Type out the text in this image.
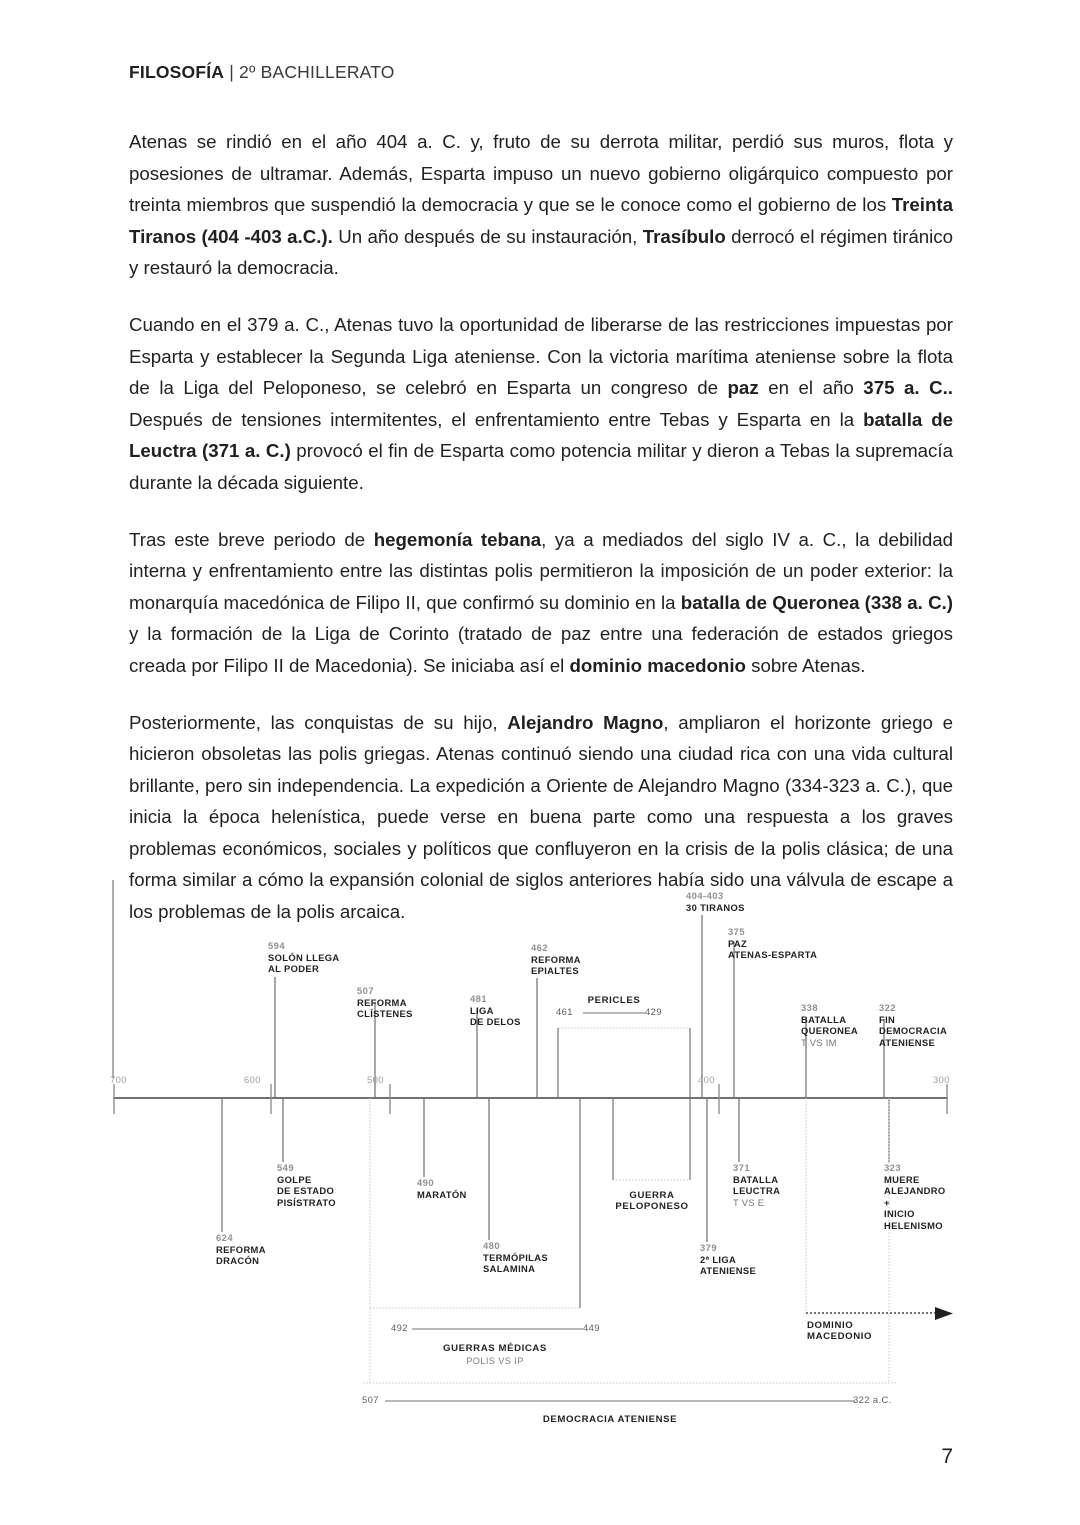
FILOSOFÍA | 2º BACHILLERATO

Atenas se rindió en el año 404 a. C. y, fruto de su derrota militar, perdió sus muros, flota y posesiones de ultramar. Además, Esparta impuso un nuevo gobierno oligárquico compuesto por treinta miembros que suspendió la democracia y que se le conoce como el gobierno de los Treinta Tiranos (404 -403 a.C.). Un año después de su instauración, Trasíbulo derrocó el régimen tiránico y restauró la democracia.

Cuando en el 379 a. C., Atenas tuvo la oportunidad de liberarse de las restricciones impuestas por Esparta y establecer la Segunda Liga ateniense. Con la victoria marítima ateniense sobre la flota de la Liga del Peloponeso, se celebró en Esparta un congreso de paz en el año 375 a. C.. Después de tensiones intermitentes, el enfrentamiento entre Tebas y Esparta en la batalla de Leuctra (371 a. C.) provocó el fin de Esparta como potencia militar y dieron a Tebas la supremacía durante la década siguiente.

Tras este breve periodo de hegemonía tebana, ya a mediados del siglo IV a. C., la debilidad interna y enfrentamiento entre las distintas polis permitieron la imposición de un poder exterior: la monarquía macedónica de Filipo II, que confirmó su dominio en la batalla de Queronea (338 a. C.) y la formación de la Liga de Corinto (tratado de paz entre una federación de estados griegos creada por Filipo II de Macedonia). Se iniciaba así el dominio macedonio sobre Atenas.

Posteriormente, las conquistas de su hijo, Alejandro Magno, ampliaron el horizonte griego e hicieron obsoletas las polis griegas. Atenas continuó siendo una ciudad rica con una vida cultural brillante, pero sin independencia. La expedición a Oriente de Alejandro Magno (334-323 a. C.), que inicia la época helenística, puede verse en buena parte como una respuesta a los graves problemas económicos, sociales y políticos que confluyeron en la crisis de la polis clásica; de una forma similar a cómo la expansión colonial de siglos anteriores había sido una válvula de escape a los problemas de la polis arcaica.

700	600	500	400	300
594
SOLÓN LLEGA
AL PODER
507
REFORMA
CLÍSTENES
481
LIGA
DE DELOS
462
REFORMA
EPIALTES
404-403
30 TIRANOS
375
PAZ
ATENAS-ESPARTA
338
BATALLA
QUERONEA
T VS IM
322
FIN
DEMOCRACIA
ATENIENSE
624
REFORMA
DRACÓN
549
GOLPE
DE ESTADO
PISÍSTRATO
490
MARATÓN
480
TERMÓPILAS
SALAMINA
379
2ª LIGA
ATENIENSE
371
BATALLA
LEUCTRA
T VS E
323
MUERE
ALEJANDRO
+
INICIO
HELENISMO
PERICLES
461	429
GUERRA
PELOPONESO
492	449
GUERRAS MÉDICAS
POLIS VS IP
DOMINIO
MACEDONIO
507	322 a.C.
DEMOCRACIA ATENIENSE
7
